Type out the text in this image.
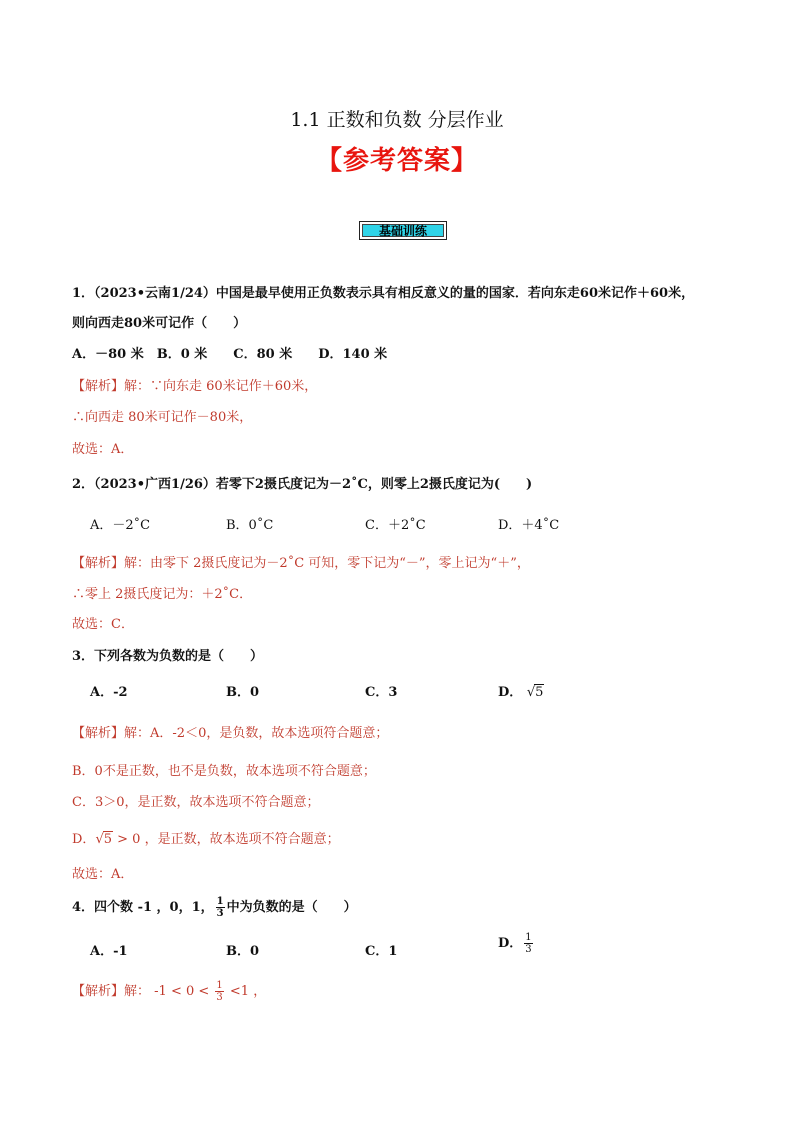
1.1 正数和负数 分层作业
【参考答案】
基础训练
1．（2023•云南1/24）中国是最早使用正负数表示具有相反意义的量的国家．若向东走60米记作＋60米，
则向西走80米可记作（　　）
A．－80 米　B．0 米　　C．80 米　　D．140 米
【解析】解：∵向东走 60米记作＋60米，
∴向西走 80米可记作－80米，
故选：A．
2．（2023•广西1/26）若零下2摄氏度记为－2˚C，则零上2摄氏度记为(　　)
A．－2˚C	B．0˚C	C．＋2˚C	D．＋4˚C
【解析】解：由零下 2摄氏度记为－2˚C 可知，零下记为“－”，零上记为“＋”，
∴零上 2摄氏度记为：＋2˚C．
故选：C．
3．下列各数为负数的是（　　）
A．-2	B．0	C．3	D． √5
【解析】解：A．-2＜0，是负数，故本选项符合题意；
B．0不是正数，也不是负数，故本选项不符合题意；
C．3＞0，是正数，故本选项不符合题意；
D．√5 > 0 ，是正数，故本选项不符合题意；
故选：A．
4．四个数 -1 ，0，1， $\frac{1}{3}$ 中为负数的是（　　）
A．-1	B．0	C．1
D． $\frac{1}{3}$
【解析】解： $-1 < 0 < \frac{1}{3} <1$ ，
